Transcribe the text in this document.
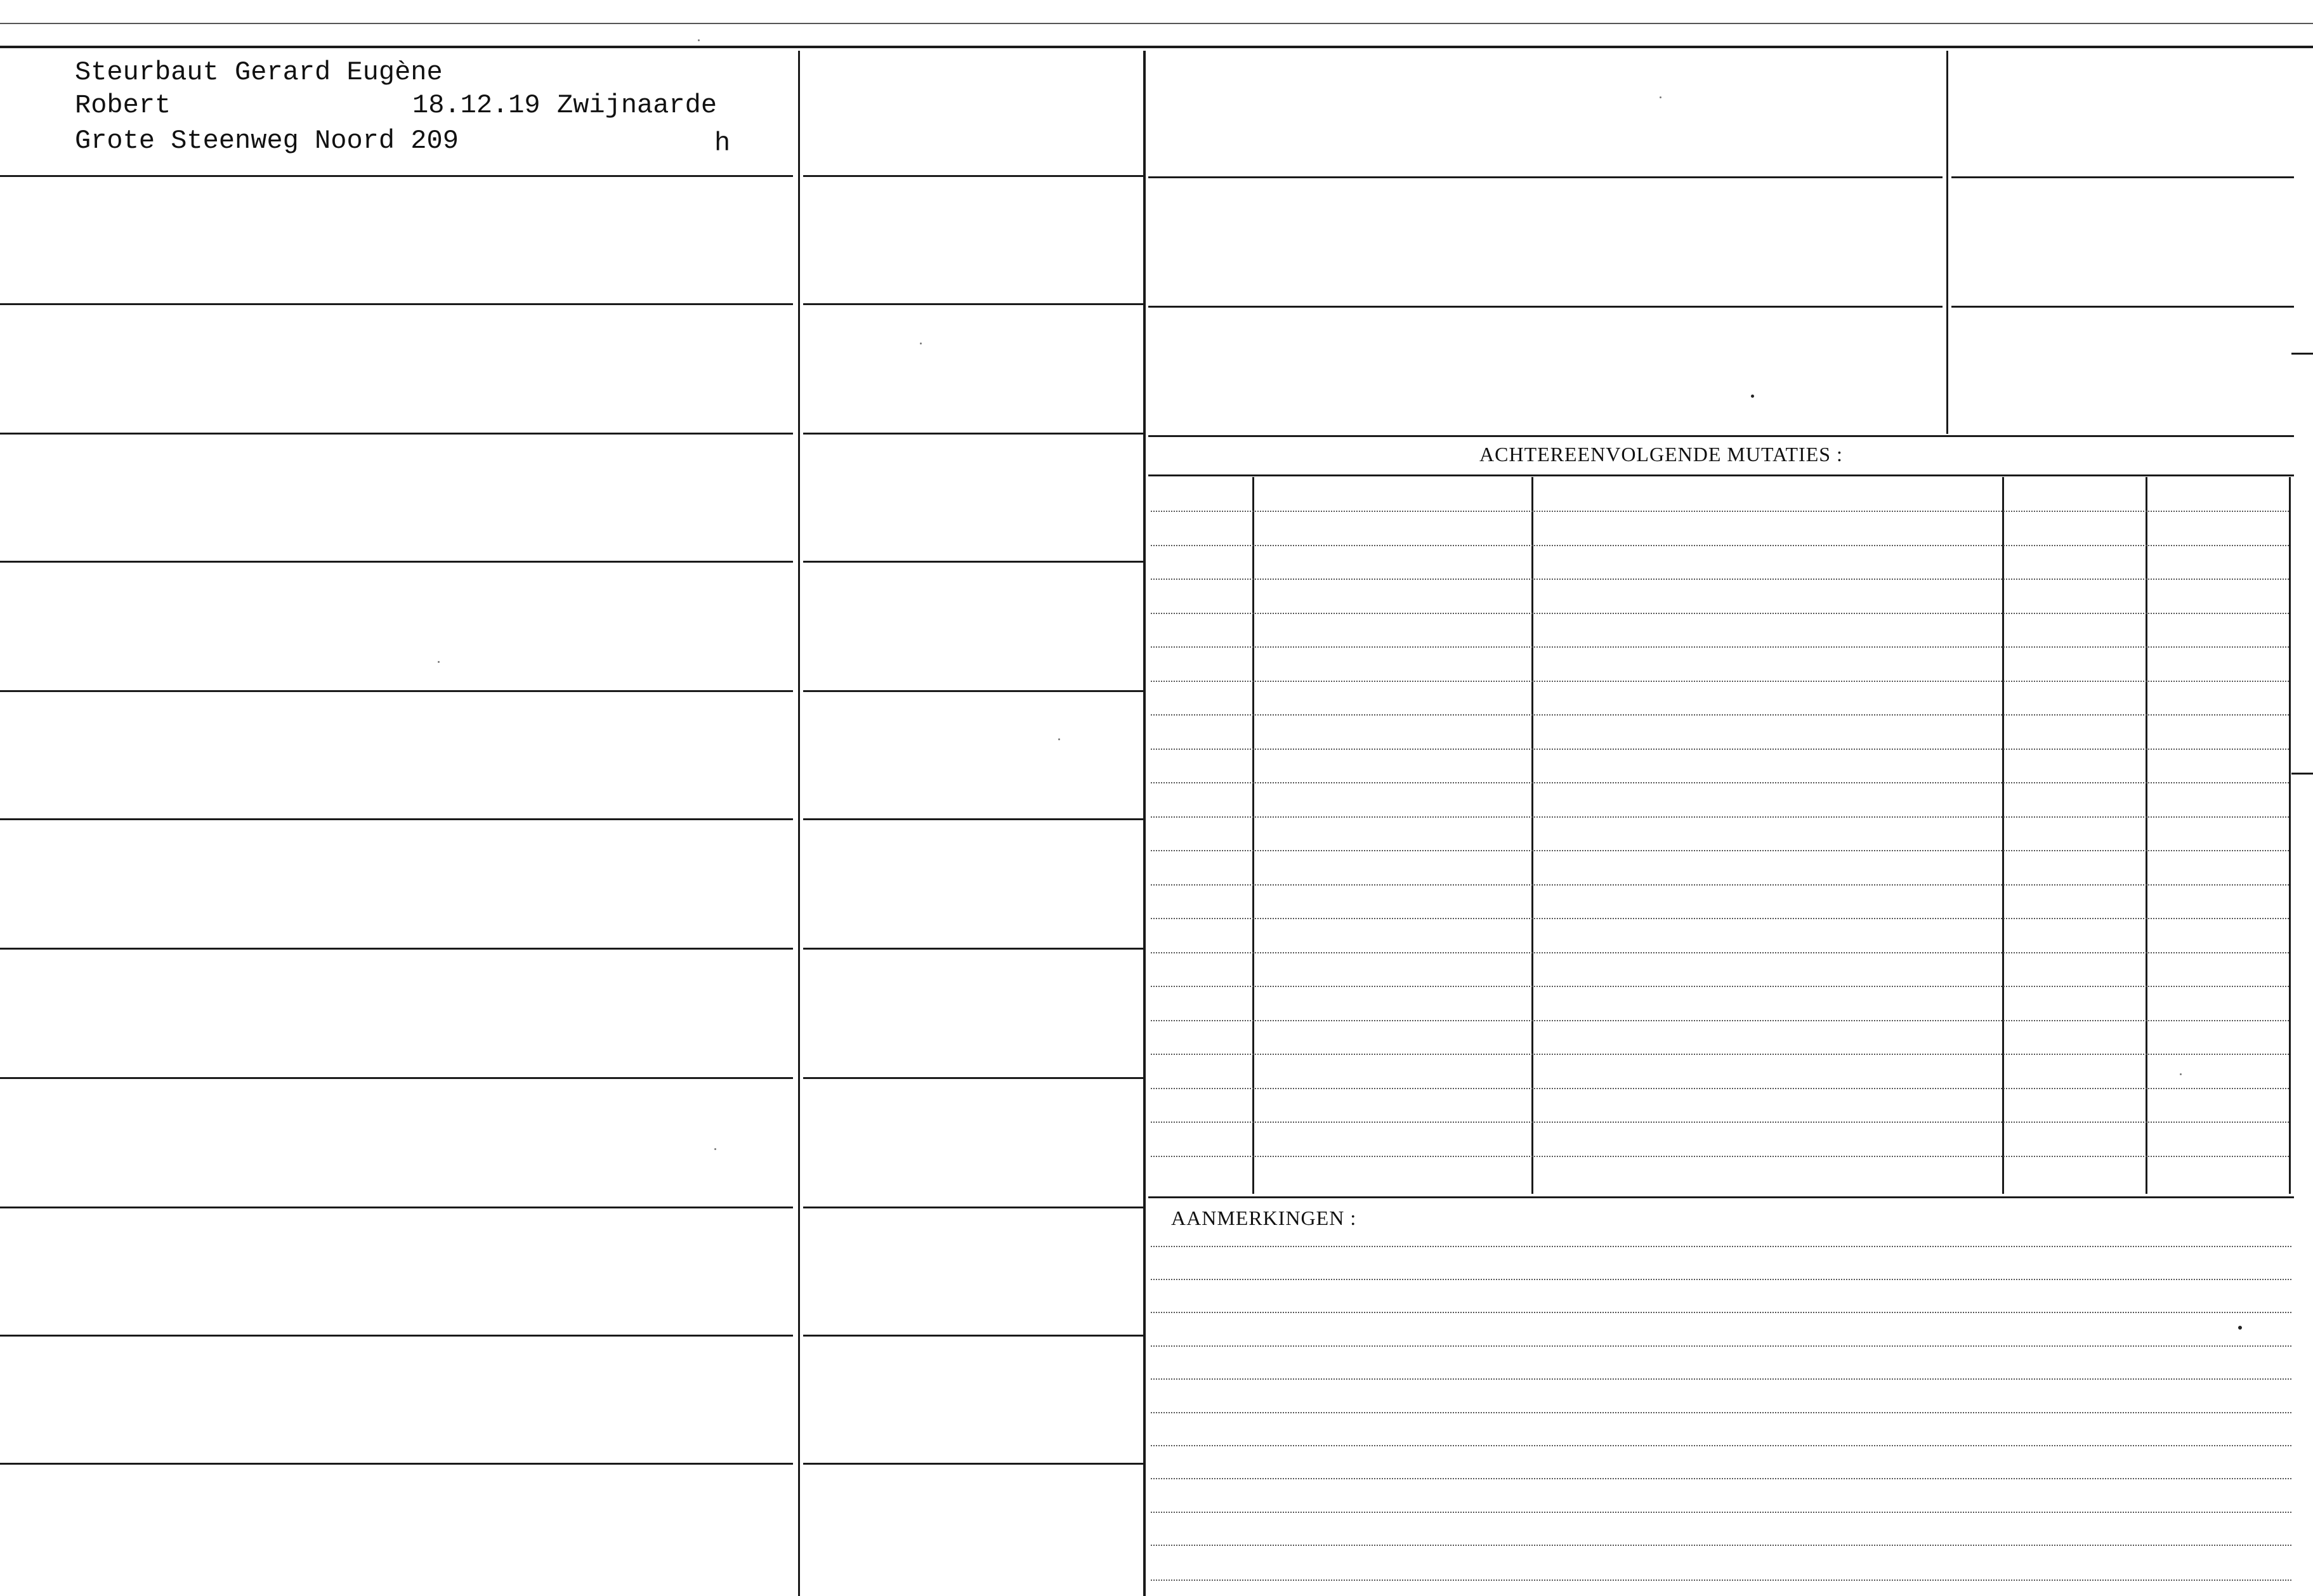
Steurbaut Gerard Eugène
Robert	18.12.19 Zwijnaarde
Grote Steenweg Noord 209	h
ACHTEREENVOLGENDE MUTATIES :
AANMERKINGEN :
